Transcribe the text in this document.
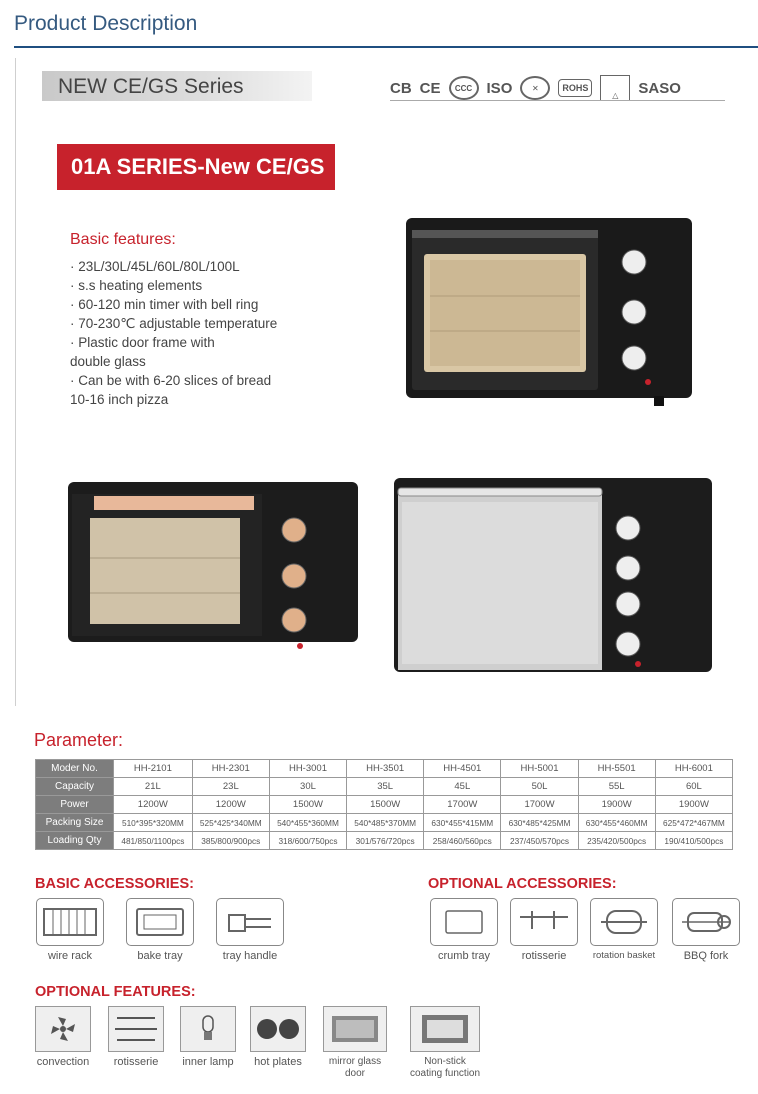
Product Description
NEW CE/GS Series	CB CE	CCC ISO	✕	ROHS
△	SASO
01A SERIES-New CE/GS
Basic features:
· 23L/30L/45L/60L/80L/100L
· s.s heating elements
· 60-120 min timer with bell ring
· 70-230℃ adjustable temperature
· Plastic door frame with
double glass
· Can be with 6-20 slices of bread
10-16 inch pizza
Parameter:
Moder No.	HH-2101	HH-2301	HH-3001	HH-3501	HH-4501	HH-5001	HH-5501	HH-6001
Capacity	21L	23L	30L	35L	45L	50L	55L	60L
Power	1200W	1200W	1500W	1500W	1700W	1700W	1900W	1900W
Packing Size	510*395*320MM	525*425*340MM	540*455*360MM	540*485*370MM	630*455*415MM	630*485*425MM	630*455*460MM	625*472*467MM
Loading Qty	481/850/1100pcs	385/800/900pcs	318/600/750pcs	301/576/720pcs	258/460/560pcs	237/450/570pcs	235/420/500pcs	190/410/500pcs
BASIC ACCESSORIES:
wire rack	bake tray	tray handle
OPTIONAL ACCESSORIES:
crumb tray	rotisserie	rotation basket	BBQ fork
OPTIONAL FEATURES:
convection	rotisserie	inner lamp	hot plates	mirror glass
door
Non-stick
coating function
